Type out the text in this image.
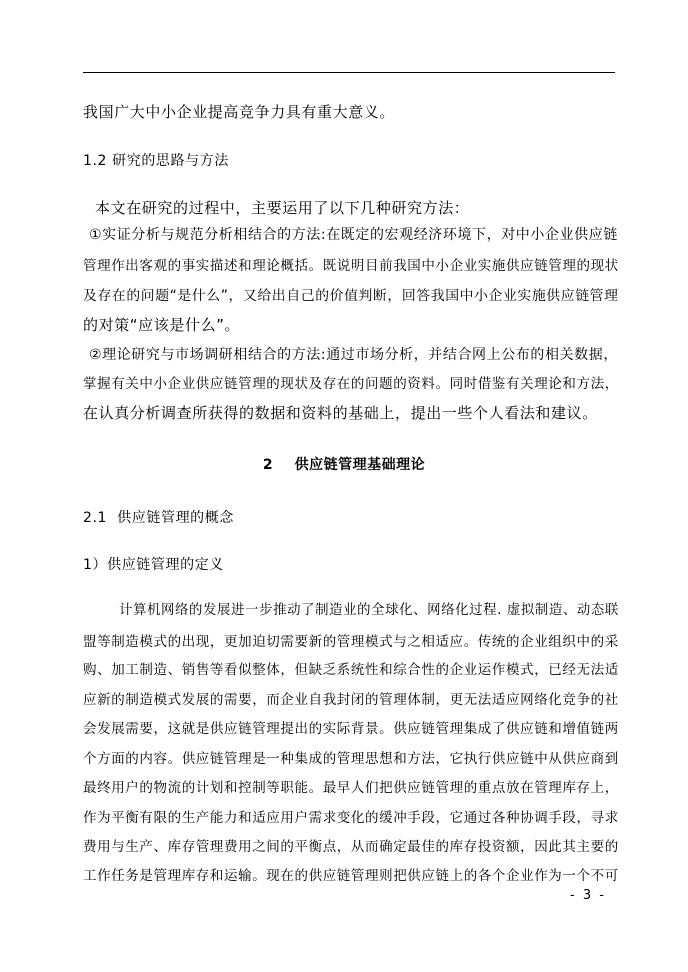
我国广大中小企业提高竞争力具有重大意义。
1.2 研究的思路与方法
本文在研究的过程中，主要运用了以下几种研究方法：
①实证分析与规范分析相结合的方法:在既定的宏观经济环境下，对中小企业供应链
管理作出客观的事实描述和理论概括。既说明目前我国中小企业实施供应链管理的现状
及存在的问题“是什么”，又给出自己的价值判断，回答我国中小企业实施供应链管理
的对策“应该是什么”。
②理论研究与市场调研相结合的方法:通过市场分析，并结合网上公布的相关数据，
掌握有关中小企业供应链管理的现状及存在的问题的资料。同时借鉴有关理论和方法，
在认真分析调查所获得的数据和资料的基础上，提出一些个人看法和建议。
2    供应链管理基础理论
2.1  供应链管理的概念
1）供应链管理的定义
计算机网络的发展进一步推动了制造业的全球化、网络化过程. 虚拟制造、动态联
盟等制造模式的出现，更加迫切需要新的管理模式与之相适应。传统的企业组织中的采
购、加工制造、销售等看似整体，但缺乏系统性和综合性的企业运作模式，已经无法适
应新的制造模式发展的需要，而企业自我封闭的管理体制，更无法适应网络化竞争的社
会发展需要，这就是供应链管理提出的实际背景。供应链管理集成了供应链和增值链两
个方面的内容。供应链管理是一种集成的管理思想和方法，它执行供应链中从供应商到
最终用户的物流的计划和控制等职能。最早人们把供应链管理的重点放在管理库存上，
作为平衡有限的生产能力和适应用户需求变化的缓冲手段，它通过各种协调手段，寻求
费用与生产、库存管理费用之间的平衡点，从而确定最佳的库存投资额，因此其主要的
工作任务是管理库存和运输。现在的供应链管理则把供应链上的各个企业作为一个不可
- 3 -
